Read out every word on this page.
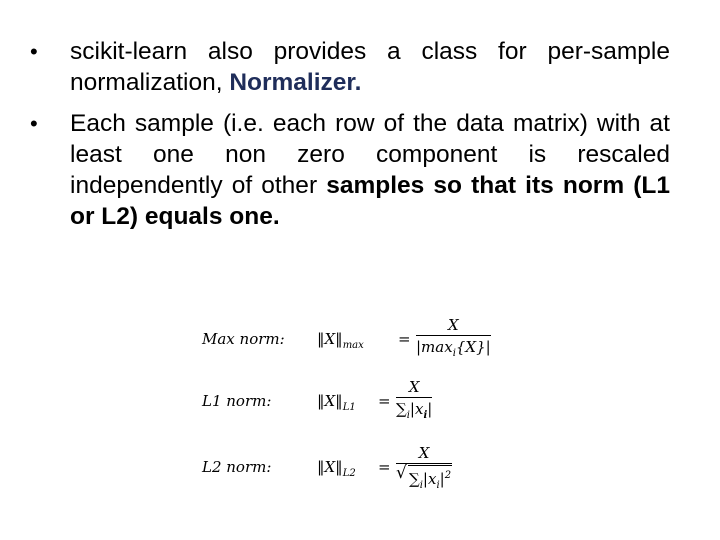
•	scikit-learn also provides a class for per-sample normalization, Normalizer.
•	Each sample (i.e. each row of the data matrix) with at least one non zero component is rescaled independently of other samples so that its norm (L1 or L2) equals one.
Max norm: $‖X‖_{max}$ =
X
$|\max_i\{X\}|$
L1 norm:	$‖X‖_{L1}$ =
X
$\sum_i|x_i|$
L2 norm:	$‖X‖_{L2}$ =
X
√ $\sum_i|x_i|^2$
